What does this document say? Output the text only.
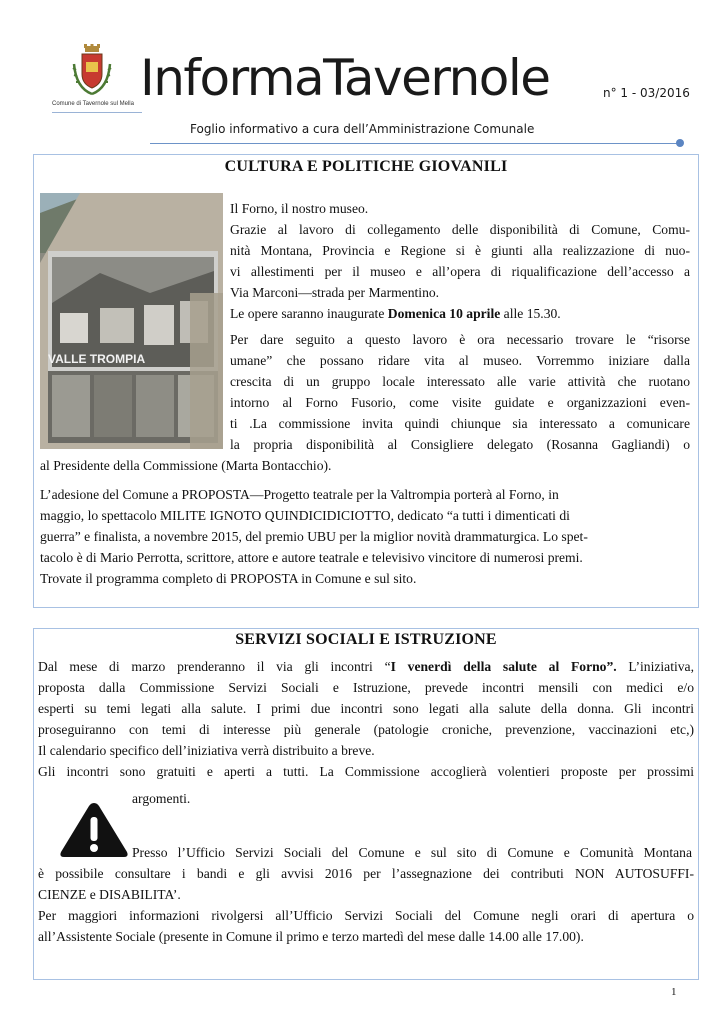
Comune di Tavernole sul Mella InformaTavernole	n° 1 - 03/2016
Foglio informativo a cura dell’Amministrazione Comunale
CULTURA E POLITICHE GIOVANILI
VALLE TROMPIA
Il Forno, il nostro museo.
Grazie al lavoro di collegamento delle disponibilità di Comune, Comu-
nità Montana, Provincia e Regione si è giunti alla realizzazione di nuo-
vi allestimenti per il museo e all’opera di riqualificazione dell’accesso a
Via Marconi—strada per Marmentino.
Le opere saranno inaugurate Domenica 10 aprile alle 15.30.
Per dare seguito a questo lavoro è ora necessario trovare le “risorse
umane” che possano ridare vita al museo. Vorremmo iniziare dalla
crescita di un gruppo locale interessato alle varie attività che ruotano
intorno al Forno Fusorio, come visite guidate e organizzazioni even-
ti .La commissione invita quindi chiunque sia interessato a comunicare
la propria disponibilità al Consigliere delegato (Rosanna Gagliandi) o
al Presidente della Commissione (Marta Bontacchio).
L’adesione del Comune a PROPOSTA—Progetto teatrale per la Valtrompia porterà al Forno, in
maggio, lo spettacolo MILITE IGNOTO QUINDICIDICIOTTO, dedicato “a tutti i dimenticati di
guerra” e finalista, a novembre 2015, del premio UBU per la miglior novità drammaturgica. Lo spet-
tacolo è di Mario Perrotta, scrittore, attore e autore teatrale e televisivo vincitore di numerosi premi.
Trovate il programma completo di PROPOSTA in Comune e sul sito.
SERVIZI SOCIALI E ISTRUZIONE
Dal mese di marzo prenderanno il via gli incontri “I venerdì della salute al Forno”. L’iniziativa,
proposta dalla Commissione Servizi Sociali e Istruzione, prevede incontri mensili con medici e/o
esperti su temi legati alla salute. I primi due incontri sono legati alla salute della donna. Gli incontri
proseguiranno con temi di interesse più generale (patologie croniche, prevenzione, vaccinazioni etc,)
Il calendario specifico dell’iniziativa verrà distribuito a breve.
Gli incontri sono gratuiti e aperti a tutti. La Commissione accoglierà volentieri proposte per prossimi
argomenti.
Presso l’Ufficio Servizi Sociali del Comune e sul sito di Comune e Comunità Montana
è possibile consultare i bandi e gli avvisi 2016 per l’assegnazione dei contributi NON AUTOSUFFI-
CIENZE e DISABILITA’.
Per maggiori informazioni rivolgersi all’Ufficio Servizi Sociali del Comune negli orari di apertura o
all’Assistente Sociale (presente in Comune il primo e terzo martedì del mese dalle 14.00 alle 17.00).
1
